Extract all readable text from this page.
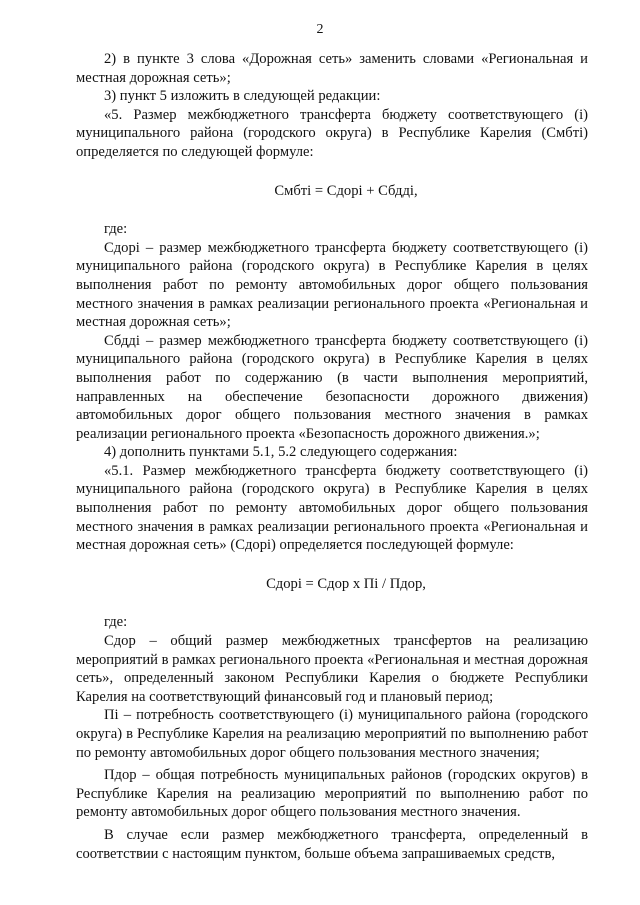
2

2) в пункте 3 слова «Дорожная сеть» заменить словами «Региональная и местная дорожная сеть»;

3) пункт 5 изложить в следующей редакции:

«5. Размер межбюджетного трансферта бюджету соответствующего (i) муниципального района (городского округа) в Республике Карелия (Смбтi) определяется по следующей формуле:

Смбтi = Сдорi + Сбддi,

где:

Сдорi – размер межбюджетного трансферта бюджету соответствующего (i) муниципального района (городского округа) в Республике Карелия в целях выполнения работ по ремонту автомобильных дорог общего пользования местного значения в рамках реализации регионального проекта «Региональная и местная дорожная сеть»;

Сбддi – размер межбюджетного трансферта бюджету соответствующего (i) муниципального района (городского округа) в Республике Карелия в целях выполнения работ по содержанию (в части выполнения мероприятий, направленных на обеспечение безопасности дорожного движения) автомобильных дорог общего пользования местного значения в рамках реализации регионального проекта «Безопасность дорожного движения.»;

4) дополнить пунктами 5.1, 5.2 следующего содержания:

«5.1. Размер межбюджетного трансферта бюджету соответствующего (i) муниципального района (городского округа) в Республике Карелия в целях выполнения работ по ремонту автомобильных дорог общего пользования местного значения в рамках реализации регионального проекта «Региональная и местная дорожная сеть» (Сдорi) определяется последующей формуле:

Сдорi = Сдор х Пi / Пдор,

где:

Сдор – общий размер межбюджетных трансфертов на реализацию мероприятий в рамках регионального проекта «Региональная и местная дорожная сеть», определенный законом Республики Карелия о бюджете Республики Карелия на соответствующий финансовый год и плановый период;

Пi – потребность соответствующего (i) муниципального района (городского округа) в Республике Карелия на реализацию мероприятий по выполнению работ по ремонту автомобильных дорог общего пользования местного значения;

Пдор – общая потребность муниципальных районов (городских округов) в Республике Карелия на реализацию мероприятий по выполнению работ по ремонту автомобильных дорог общего пользования местного значения.

В случае если размер межбюджетного трансферта, определенный в соответствии с настоящим пунктом, больше объема запрашиваемых средств,
